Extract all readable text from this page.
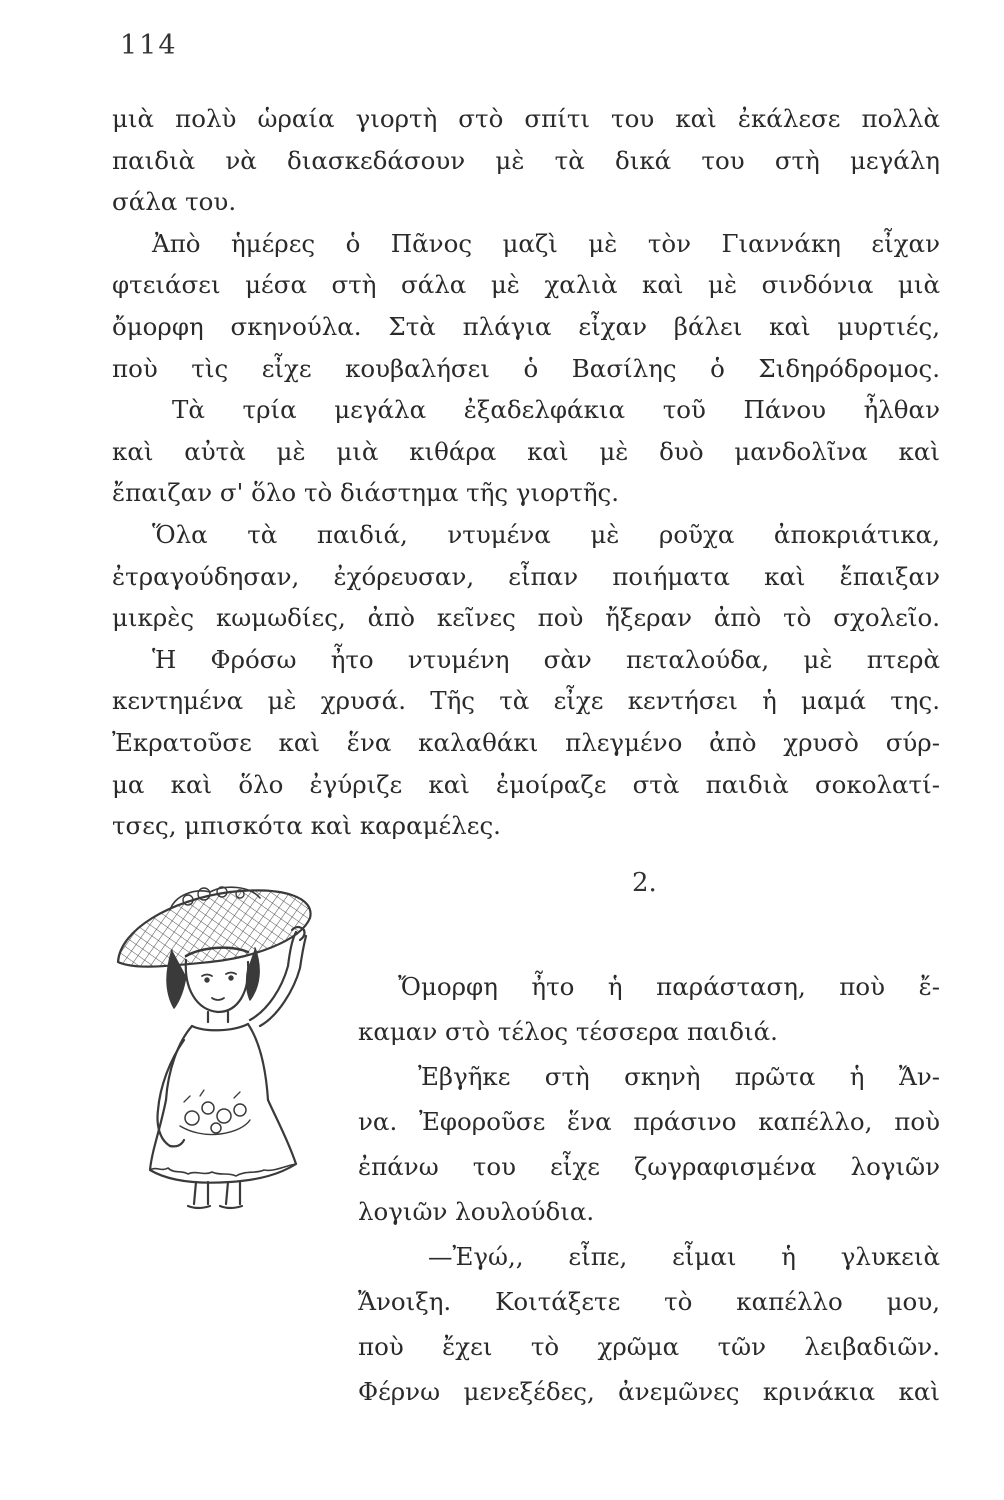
114
μιὰ πολὺ ὡραία γιορτὴ στὸ σπίτι του καὶ ἐκάλεσε πολλὰ
παιδιὰ νὰ διασκεδάσουν μὲ τὰ δικά του στὴ μεγάλη
σάλα του.
Ἀπὸ ἡμέρες ὁ Πᾶνος μαζὶ μὲ τὸν Γιαννάκη εἶχαν
φτειάσει μέσα στὴ σάλα μὲ χαλιὰ καὶ μὲ σινδόνια μιὰ
ὄμορφη σκηνούλα. Στὰ πλάγια εἶχαν βάλει καὶ μυρτιές,
ποὺ τὶς εἶχε κουβαλήσει ὁ Βασίλης ὁ Σιδηρόδρομος.
Τὰ τρία μεγάλα ἐξαδελφάκια τοῦ Πάνου ἦλθαν
καὶ αὐτὰ μὲ μιὰ κιθάρα καὶ μὲ δυὸ μανδολῖνα καὶ
ἔπαιζαν σ' ὅλο τὸ διάστημα τῆς γιορτῆς.
Ὅλα τὰ παιδιά, ντυμένα μὲ ροῦχα ἀποκριάτικα,
ἐτραγούδησαν, ἐχόρευσαν, εἶπαν ποιήματα καὶ ἔπαιξαν
μικρὲς κωμωδίες, ἀπὸ κεῖνες ποὺ ἤξεραν ἀπὸ τὸ σχολεῖο.
Ἡ Φρόσω ἦτο ντυμένη σὰν πεταλούδα, μὲ πτερὰ
κεντημένα μὲ χρυσά. Τῆς τὰ εἶχε κεντήσει ἡ μαμά της.
Ἐκρατοῦσε καὶ ἕνα καλαθάκι πλεγμένο ἀπὸ χρυσὸ σύρ-
μα καὶ ὅλο ἐγύριζε καὶ ἐμοίραζε στὰ παιδιὰ σοκολατί-
τσες, μπισκότα καὶ καραμέλες.
2.
Ὄμορφη ἦτο ἡ παράσταση, ποὺ ἔ-
καμαν στὸ τέλος τέσσερα παιδιά.
Ἐβγῆκε στὴ σκηνὴ πρῶτα ἡ Ἄν-
να. Ἐφοροῦσε ἕνα πράσινο καπέλλο, ποὺ
ἐπάνω του εἶχε ζωγραφισμένα λογιῶν
λογιῶν λουλούδια.
—Ἐγώ,, εἶπε, εἶμαι ἡ γλυκειὰ
Ἄνοιξη. Κοιτάξετε τὸ καπέλλο μου,
ποὺ ἔχει τὸ χρῶμα τῶν λειβαδιῶν.
Φέρνω μενεξέδες, ἀνεμῶνες κρινάκια καὶ
